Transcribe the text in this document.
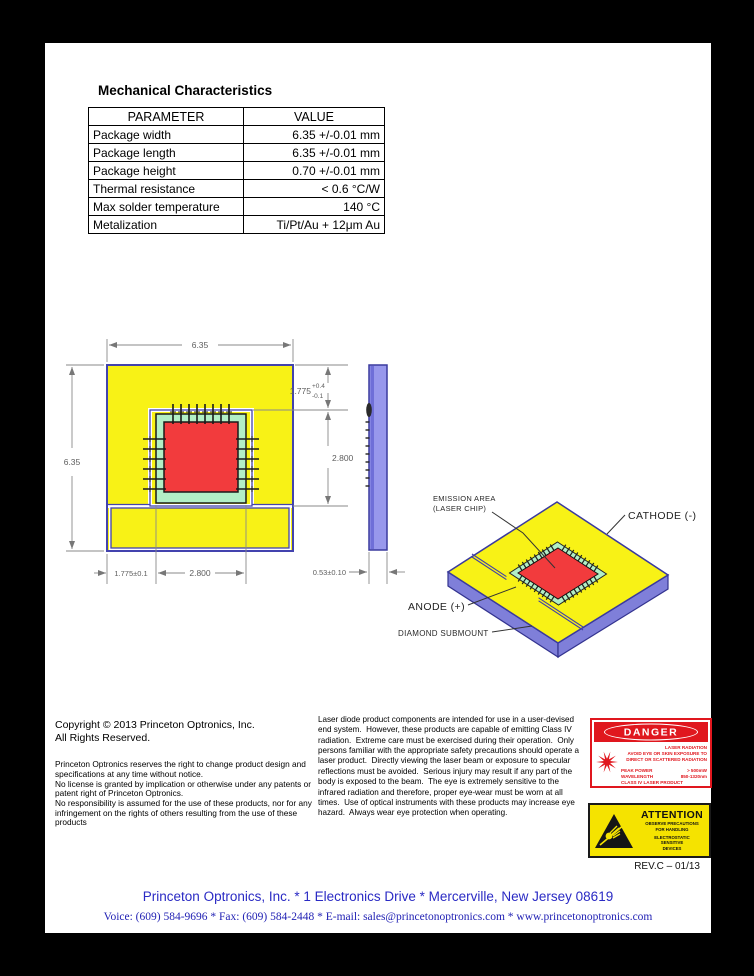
Mechanical Characteristics
PARAMETER	VALUE
Package width	6.35 +/-0.01 mm
Package length	6.35 +/-0.01 mm
Package height	0.70 +/-0.01 mm
Thermal resistance	< 0.6 °C/W
Max solder temperature	140 °C
Metalization	Ti/Pt/Au + 12μm Au
6.35
6.35
1.775 +0.4
-0.1
2.800
1.775±0.1	2.800	0.53±0.10
EMISSION AREA
(LASER CHIP)
CATHODE (-)
ANODE (+)
DIAMOND SUBMOUNT

Copyright © 2013 Princeton Optronics, Inc.
All Rights Reserved.

Princeton Optronics reserves the right to change product design and specifications at any time without notice.

No license is granted by implication or otherwise under any patents or patent right of Princeton Optronics.

No responsibility is assumed for the use of these products, nor for any infringement on the rights of others resulting from the use of these products

Laser diode product components are intended for use in a user-devised end system.  However, these products are capable of emitting Class IV radiation.  Extreme care must be exercised during their operation.  Only persons familiar with the appropriate safety precautions should operate a laser product.  Directly viewing the laser beam or exposure to specular reflections must be avoided.  Serious injury may result if any part of the body is exposed to the beam.  The eye is extremely sensitive to the infrared radiation and therefore, proper eye-wear must be worn at all times.  Use of optical instruments with these products may increase eye hazard.  Always wear eye protection when operating.
DANGER
LASER RADIATION
AVOID EYE OR SKIN EXPOSURE TO
DIRECT OR SCATTERED RADIATION
PEAK POWER	> 500mW
WAVELENGTH	850-1320nm
CLASS IV LASER PRODUCT
ATTENTION
OBSERVE PRECAUTIONS
FOR HANDLING
ELECTROSTATIC
SENSITIVE
DEVICES
REV.C – 01/13
Princeton Optronics, Inc. * 1 Electronics Drive * Mercerville, New Jersey 08619
Voice: (609) 584-9696 * Fax: (609) 584-2448 * E-mail: sales@princetonoptronics.com * www.princetonoptronics.com
